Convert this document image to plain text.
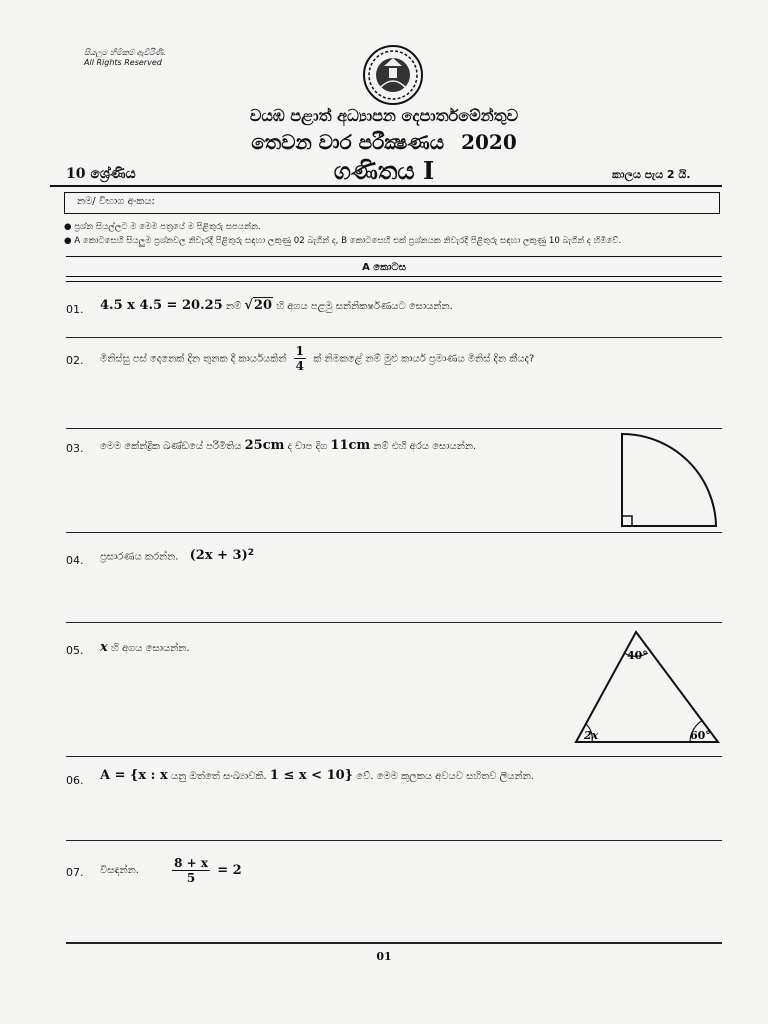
සියලුම හිමිකම් ඇවිරිණි.
All Rights Reserved
වයඹ පළාත් අධ්‍යාපන දෙපාර්තමේන්තුව
තෙවන වාර පරීක්‍ෂණය 2020
10 ශ්‍රේණිය	ගණිතය I	කාලය පැය 2 යි.
නම/ විභාග අංකය:
● ප්‍රශ්න සියල්ලට ම මෙම පත්‍රයේ ම පිළිතුරු සපයන්න.
● A කොටසෙහි සියලුම ප්‍රශ්නවල නිවැරදි පිළිතුරු සඳහා ලකුණු 02 බැගින් ද, B කොටසෙහි එක් ප්‍රශ්නයක නිවැරදි පිළිතුරු සඳහා ලකුණු 10 බැගින් ද හිමිවේ.
A කොටස
01. 4.5 x 4.5 = 20.25 නම් √20 හි අගය පළමු සන්නිකර්ෂණයට සොයන්න.
02. මිනිස්සු පස් දෙනෙක් දින තුනක දී කාර්යයකින් $\frac{1}{4}$ ක් නිමකළේ නම් මුළු කාර්ය ප්‍රමාණය මිනිස් දින කීයද?
03. මෙම කේන්ද්‍රික ඛණ්ඩයේ පරිමිතිය 25cm ද චාප දිග 11cm නම් එහි අරය සොයන්න.
04. ප්‍රසාරණය කරන්න. $(2x + 3)^2$
05. x හි අගය සොයන්න.
40°
2x	60°
06. A = {x : x යනු ඔත්තේ සංඛ්‍යාවකි. 1 ≤ x < 10} වේ. මෙම කුලකය අවයව සහිතව ලියන්න.
07. විසඳන්න.	$\frac{8 + x}{5} = 2$
01
